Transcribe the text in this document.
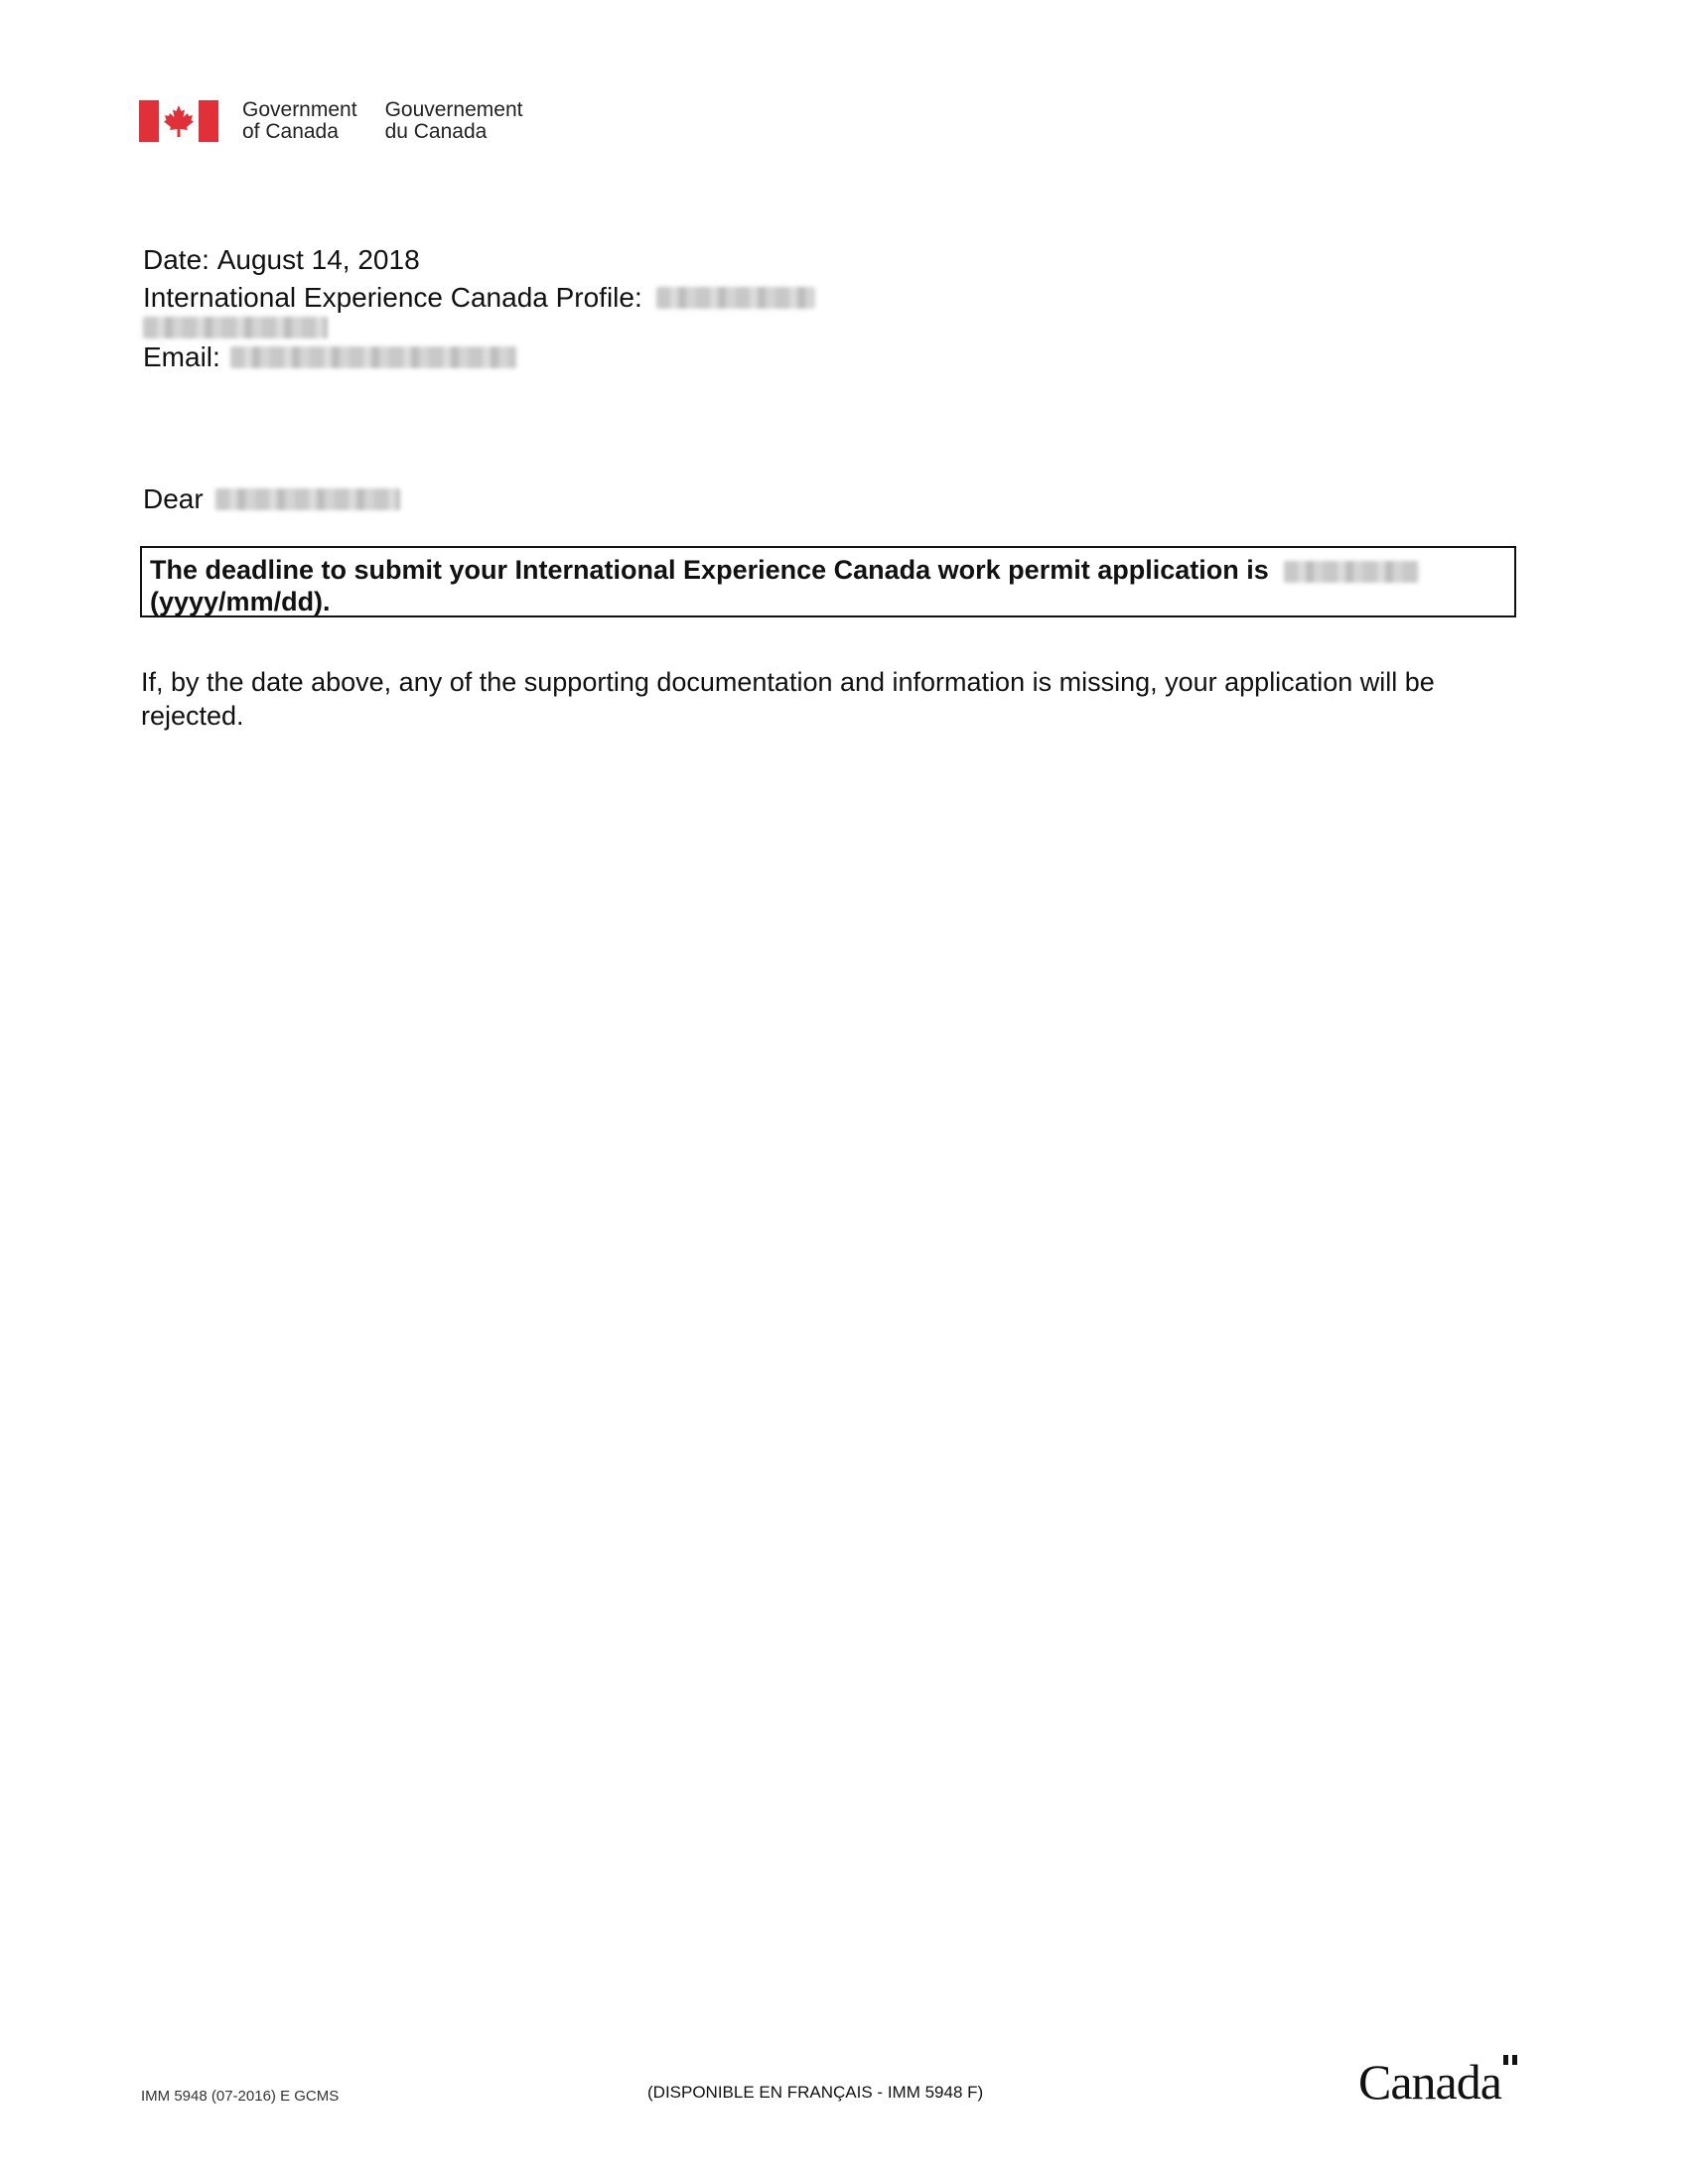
Government
of Canada
Gouvernement
du Canada
Date: August 14, 2018
International Experience Canada Profile:
Email:
Dear
The deadline to submit your International Experience Canada work permit application is
(yyyy/mm/dd).
If, by the date above, any of the supporting documentation and information is missing, your application will be rejected.
IMM 5948 (07-2016) E GCMS	(DISPONIBLE EN FRANÇAIS - IMM 5948 F)	Canada
